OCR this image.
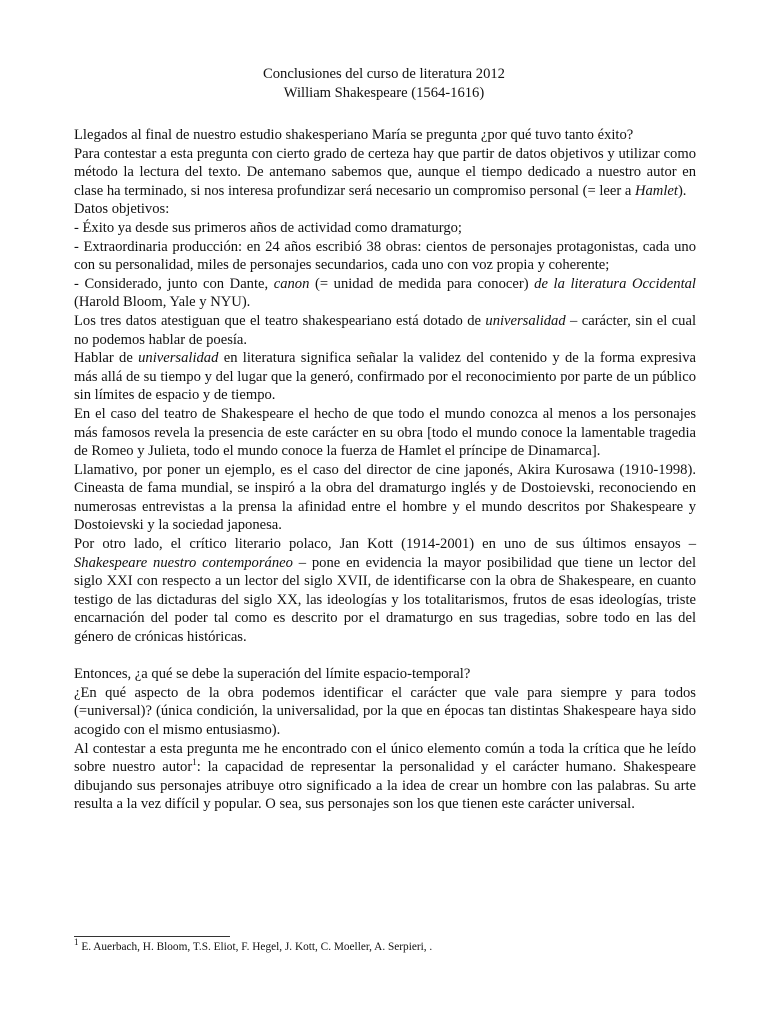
Conclusiones del curso de literatura 2012
William Shakespeare (1564-1616)

Llegados al final de nuestro estudio shakesperiano María se pregunta ¿por qué tuvo tanto éxito?

Para contestar a esta pregunta con cierto grado de certeza hay que partir de datos objetivos y utilizar como método la lectura del texto. De antemano sabemos que, aunque el tiempo dedicado a nuestro autor en clase ha terminado, si nos interesa profundizar será necesario un compromiso personal (= leer a Hamlet).

Datos objetivos:

- Éxito ya desde sus primeros años de actividad como dramaturgo;

- Extraordinaria producción: en 24 años escribió 38 obras: cientos de personajes protagonistas, cada uno con su personalidad, miles de personajes secundarios, cada uno con voz propia y coherente;

- Considerado, junto con Dante, canon (= unidad de medida para conocer) de la literatura Occidental (Harold Bloom, Yale y NYU).

Los tres datos atestiguan que el teatro shakespeariano está dotado de universalidad – carácter, sin el cual no podemos hablar de poesía.

Hablar de universalidad en literatura significa señalar la validez del contenido y de la forma expresiva más allá de su tiempo y del lugar que la generó, confirmado por el reconocimiento por parte de un público sin límites de espacio y de tiempo.

En el caso del teatro de Shakespeare el hecho de que todo el mundo conozca al menos a los personajes más famosos revela la presencia de este carácter en su obra [todo el mundo conoce la lamentable tragedia de Romeo y Julieta, todo el mundo conoce la fuerza de Hamlet el príncipe de Dinamarca].

Llamativo, por poner un ejemplo, es el caso del director de cine japonés, Akira Kurosawa (1910-1998). Cineasta de fama mundial, se inspiró a la obra del dramaturgo inglés y de Dostoievski, reconociendo en numerosas entrevistas a la prensa la afinidad entre el hombre y el mundo descritos por Shakespeare y Dostoievski y la sociedad japonesa.

Por otro lado, el crítico literario polaco, Jan Kott (1914-2001) en uno de sus últimos ensayos – Shakespeare nuestro contemporáneo – pone en evidencia la mayor posibilidad que tiene un lector del siglo XXI con respecto a un lector del siglo XVII, de identificarse con la obra de Shakespeare, en cuanto testigo de las dictaduras del siglo XX, las ideologías y los totalitarismos, frutos de esas ideologías, triste encarnación del poder tal como es descrito por el dramaturgo en sus tragedias, sobre todo en las del género de crónicas históricas.

Entonces, ¿a qué se debe la superación del límite espacio-temporal?

¿En qué aspecto de la obra podemos identificar el carácter que vale para siempre y para todos (=universal)? (única condición, la universalidad, por la que en épocas tan distintas Shakespeare haya sido acogido con el mismo entusiasmo).

Al contestar a esta pregunta me he encontrado con el único elemento común a toda la crítica que he leído sobre nuestro autor$^1$: la capacidad de representar la personalidad y el carácter humano. Shakespeare dibujando sus personajes atribuye otro significado a la idea de crear un hombre con las palabras. Su arte resulta a la vez difícil y popular. O sea, sus personajes son los que tienen este carácter universal.

$^1$ E. Auerbach, H. Bloom, T.S. Eliot, F. Hegel, J. Kott, C. Moeller, A. Serpieri, .
